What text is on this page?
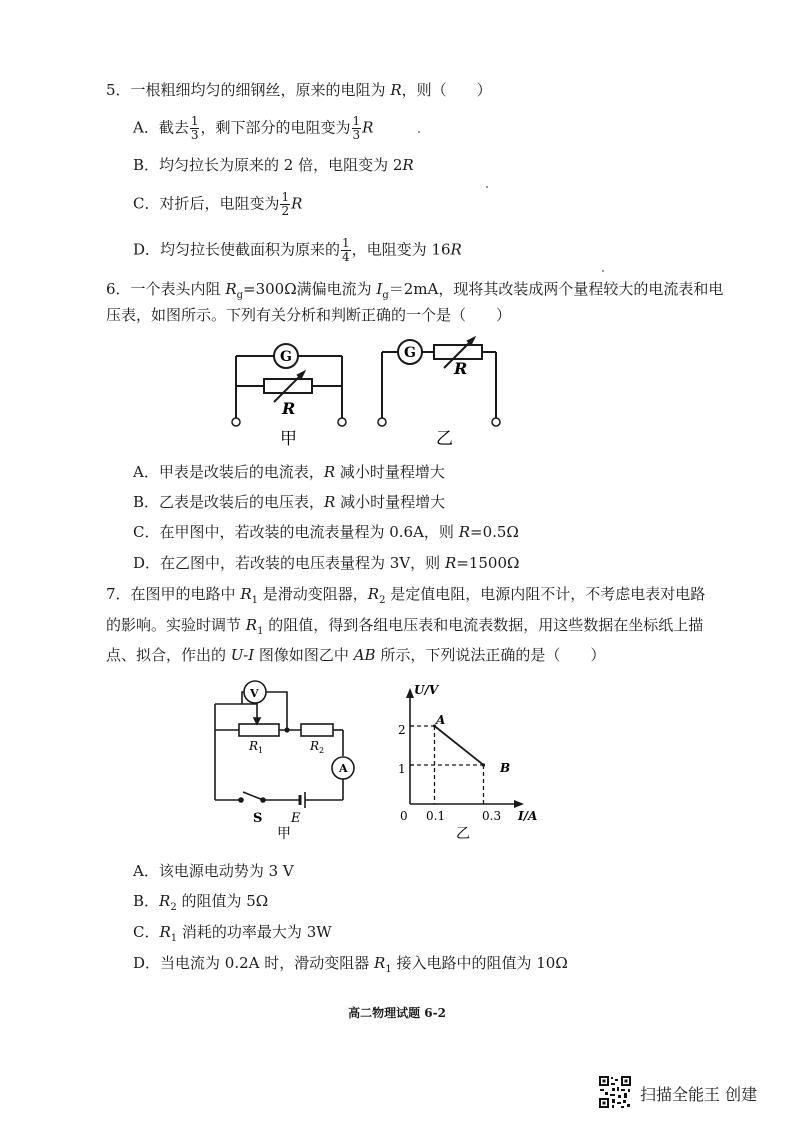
5．一根粗细均匀的细钢丝，原来的电阻为 R，则（　　）
A．截去 $\frac{1}{3}$ ，剩下部分的电阻变为 $\frac{1}{3}$ R
B．均匀拉长为原来的 2 倍，电阻变为 2R
C．对折后，电阻变为 $\frac{1}{2}$ R
D．均匀拉长使截面积为原来的 $\frac{1}{4}$ ，电阻变为 16R
6．一个表头内阻 $R_g=300\Omega$满偏电流为 $I_g=2mA$，现将其改装成两个量程较大的电流表和电
压表，如图所示。下列有关分析和判断正确的一个是（　　）
G
R
甲
G
R
乙
A．甲表是改装后的电流表，R 减小时量程增大
B．乙表是改装后的电压表，R 减小时量程增大
C．在甲图中，若改装的电流表量程为 0.6A，则 R=0.5Ω
D．在乙图中，若改装的电压表量程为 3V，则 R=1500Ω
7．在图甲的电路中 $R_1$ 是滑动变阻器，$R_2$ 是定值电阻，电源内阻不计，不考虑电表对电路
的影响。实验时调节 $R_1$ 的阻值，得到各组电压表和电流表数据，用这些数据在坐标纸上描
点、拟合，作出的 U-I 图像如图乙中 AB 所示，下列说法正确的是（　　）
V
A
$R_1$	$R_2$
S E
甲
U/V
I/A
2
1
0 0.1	0.3
A
B
乙
A．该电源电动势为 3 V
B．$R_2$ 的阻值为 5Ω
C．$R_1$ 消耗的功率最大为 3W
D．当电流为 0.2A 时，滑动变阻器 $R_1$ 接入电路中的阻值为 10Ω
高二物理试题 6-2
扫描全能王 创建
